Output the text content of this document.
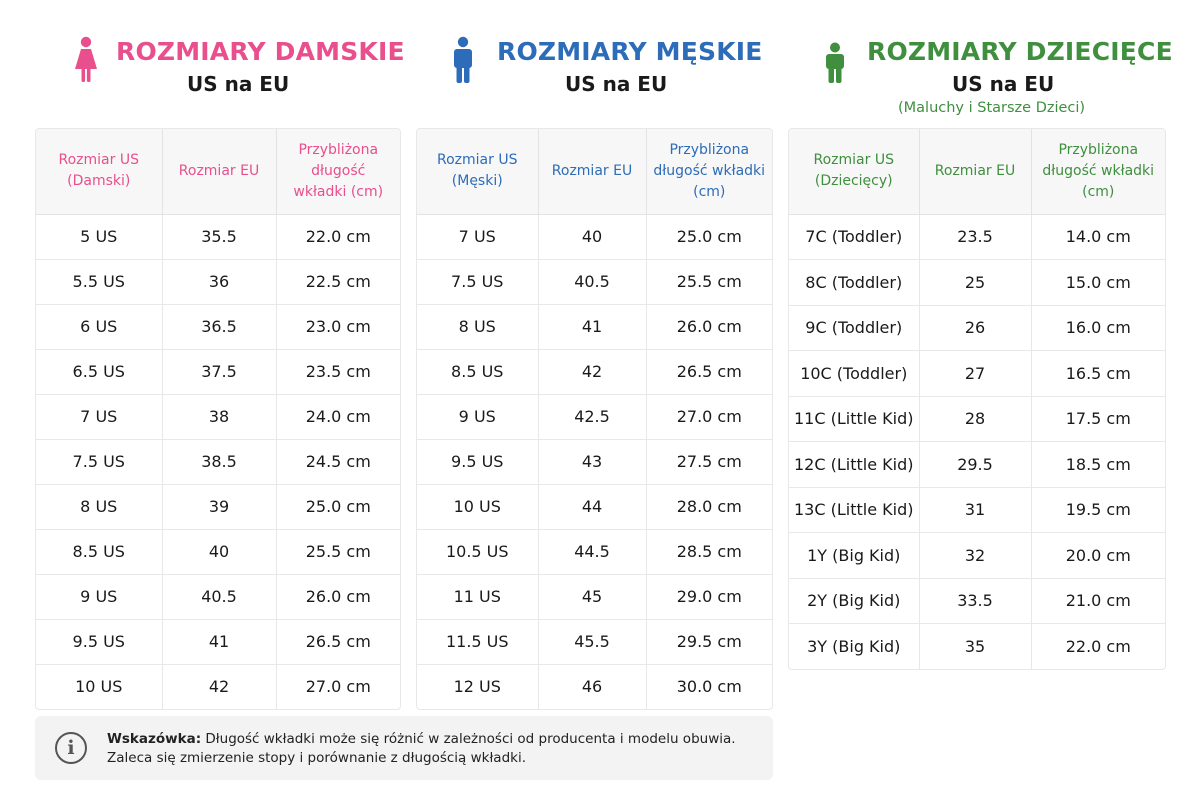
ROZMIARY DAMSKIE
US na EU
Rozmiar US (Damski)	Rozmiar EU	Przybliżona długość wkładki (cm)
5 US	35.5	22.0 cm
5.5 US	36	22.5 cm
6 US	36.5	23.0 cm
6.5 US	37.5	23.5 cm
7 US	38	24.0 cm
7.5 US	38.5	24.5 cm
8 US	39	25.0 cm
8.5 US	40	25.5 cm
9 US	40.5	26.0 cm
9.5 US	41	26.5 cm
10 US	42	27.0 cm
ROZMIARY MĘSKIE
US na EU
Rozmiar US (Męski)	Rozmiar EU	Przybliżona długość wkładki (cm)
7 US	40	25.0 cm
7.5 US	40.5	25.5 cm
8 US	41	26.0 cm
8.5 US	42	26.5 cm
9 US	42.5	27.0 cm
9.5 US	43	27.5 cm
10 US	44	28.0 cm
10.5 US	44.5	28.5 cm
11 US	45	29.0 cm
11.5 US	45.5	29.5 cm
12 US	46	30.0 cm
ROZMIARY DZIECIĘCE
US na EU
(Maluchy i Starsze Dzieci)
Rozmiar US (Dziecięcy)	Rozmiar EU	Przybliżona długość wkładki (cm)
7C (Toddler)	23.5	14.0 cm
8C (Toddler)	25	15.0 cm
9C (Toddler)	26	16.0 cm
10C (Toddler)	27	16.5 cm
11C (Little Kid)	28	17.5 cm
12C (Little Kid)	29.5	18.5 cm
13C (Little Kid)	31	19.5 cm
1Y (Big Kid)	32	20.0 cm
2Y (Big Kid)	33.5	21.0 cm
3Y (Big Kid)	35	22.0 cm
i	Wskazówka: Długość wkładki może się różnić w zależności od producenta i modelu obuwia.
Zaleca się zmierzenie stopy i porównanie z długością wkładki.
